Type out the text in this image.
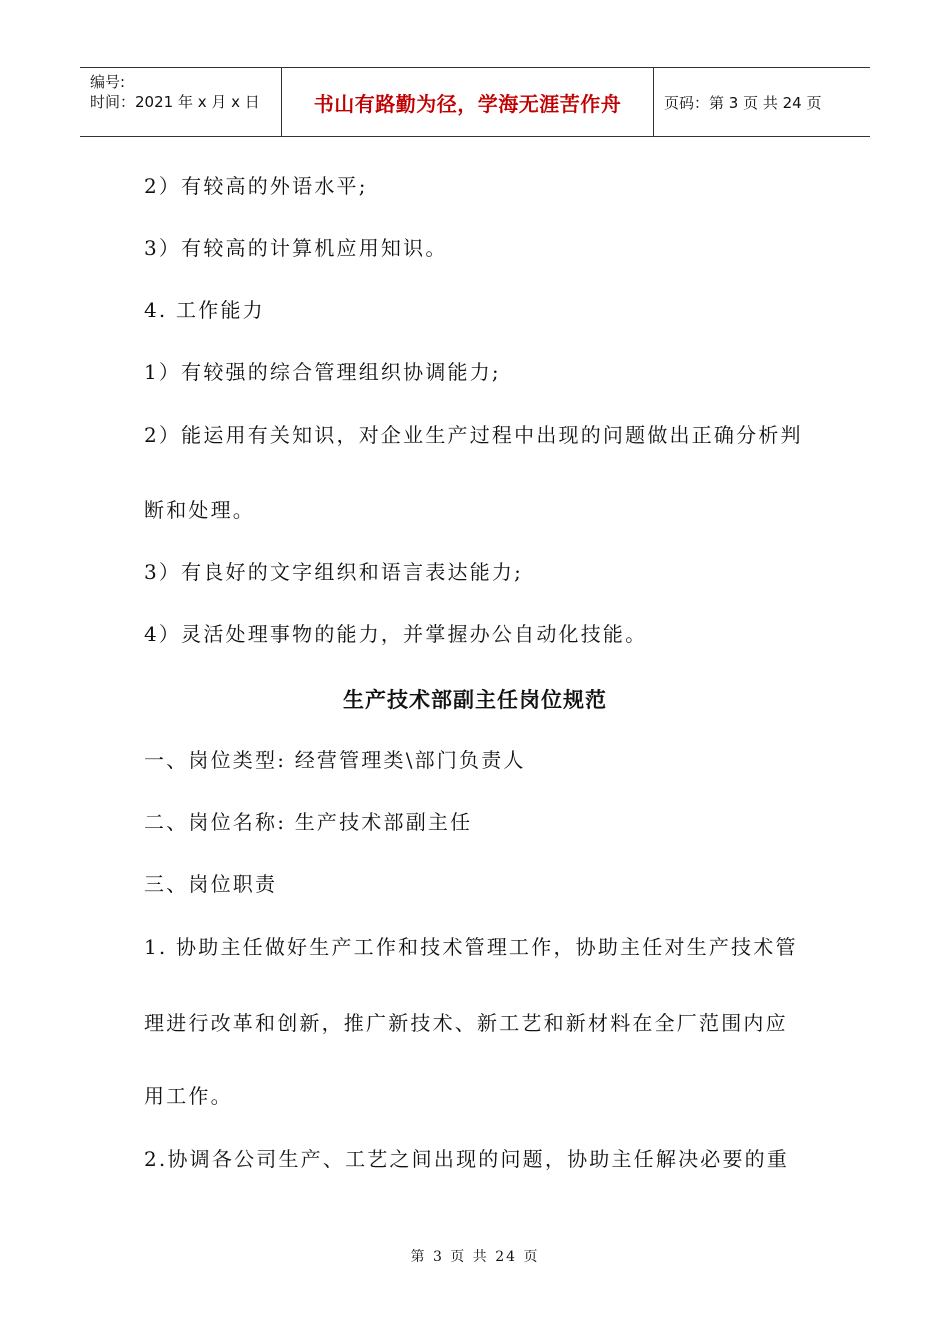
编号:
时间：2021 年 x 月 x 日	书山有路勤为径，学海无涯苦作舟	页码：第 3 页 共 24 页
2）有较高的外语水平;
3）有较高的计算机应用知识。
4. 工作能力
1）有较强的综合管理组织协调能力;
2）能运用有关知识，对企业生产过程中出现的问题做出正确分析判
断和处理。
3）有良好的文字组织和语言表达能力;
4）灵活处理事物的能力，并掌握办公自动化技能。
生产技术部副主任岗位规范
一、岗位类型: 经营管理类\部门负责人
二、岗位名称: 生产技术部副主任
三、岗位职责
1. 协助主任做好生产工作和技术管理工作，协助主任对生产技术管
理进行改革和创新，推广新技术、新工艺和新材料在全厂范围内应
用工作。
2.协调各公司生产、工艺之间出现的问题，协助主任解决必要的重
第 3 页 共 24 页
